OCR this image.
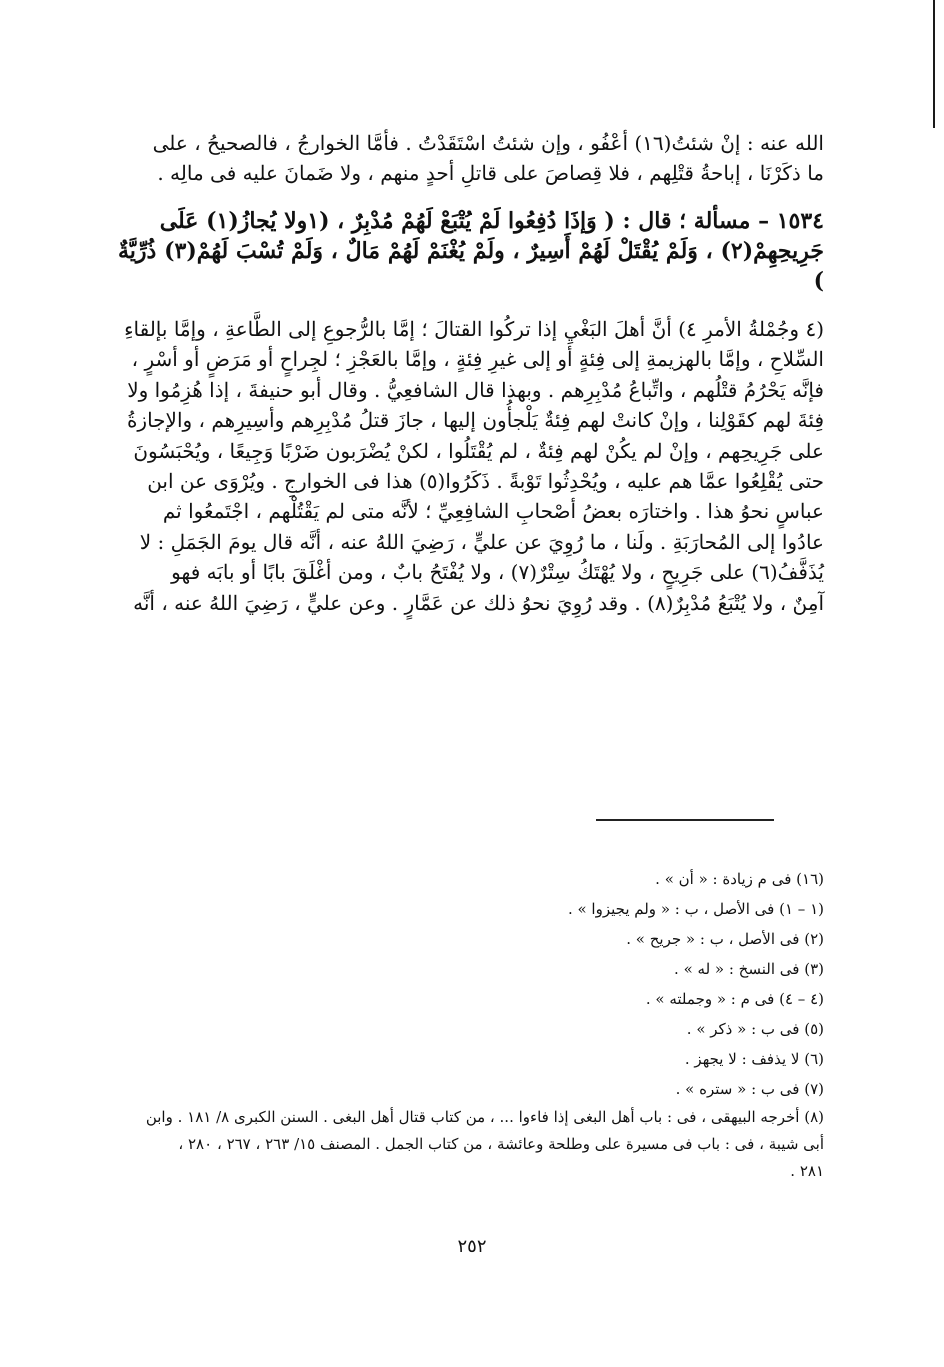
الله عنه : إنْ شئتُ(١٦) أعْفُو ، وإن شئتُ اسْتَقَدْتُ . فأمَّا الخوارجُ ، فالصحيحُ ، على
ما ذكَرْنَا ، إباحةُ قتْلِهم ، فلا قِصاصَ على قاتلِ أحدٍ منهم ، ولا ضَمانَ عليه فى مالِه .

١٥٣٤ – مسألة ؛ قال : ( وَإذَا دُفِعُوا لَمْ يُتْبَعْ لَهُمْ مُدْبِرٌ ، (١ولا يُجازُ(١) عَلَى
جَرِيحِهِمْ(٢) ، وَلَمْ يُقْتَلْ لَهُمْ أَسِيرٌ ، ولَمْ يُغْنَمْ لَهُمْ مَالٌ ، وَلَمْ تُسْبَ لَهُمْ(٣) ذُرِّيَّةٌ )

(٤ وجُمْلةُ الأمرِ ٤) أنَّ أهلَ البَغْيِ إذا تركُوا القتالَ ؛ إمَّا بالرُّجوعِ إلى الطَّاعةِ ، وإمَّا بإلقاءِ
السِّلاحِ ، وإمَّا بالهزيمةِ إلى فِئةٍ أو إلى غيرِ فِئةٍ ، وإمَّا بالعَجْزِ ؛ لجِراحٍ أو مَرَضٍ أو أسْرٍ ،
فإنَّه يَحْرُمُ قتْلُهم ، واتِّباعُ مُدْبِرِهم . وبهذا قال الشافعِيُّ . وقال أبو حنيفةَ ، إذا هُزِمُوا ولا
فِئةَ لهم كقَوْلِنا ، وإنْ كانتْ لهم فِئةٌ يَلْجأُون إليها ، جازَ قتلُ مُدْبِرِهم وأسِيرِهم ، والإجازةُ
على جَرِيحِهم ، وإنْ لم يكُنْ لهم فِئةٌ ، لم يُقْتَلُوا ، لكنْ يُضْرَبون ضَرْبًا وَجِيعًا ، ويُحْبَسُونَ
حتى يُقْلِعُوا عمَّا هم عليه ، ويُحْدِثُوا تَوْبةً . ذَكَرُوا(٥) هذا فى الخوارجِ . ويُرْوَى عن ابن
عباسٍ نحوُ هذا . واختارَه بعضُ أصْحابِ الشافِعِيِّ ؛ لأنَّه متى لم يَقْتُلْهم ، اجْتَمعُوا ثم
عادُوا إلى المُحارَبَةِ . ولَنا ، ما رُوِيَ عن عليٍّ ، رَضِيَ اللهُ عنه ، أنَّه قال يومَ الجَمَلِ : لا
يُذَفَّفُ(٦) على جَرِيحٍ ، ولا يُهْتَكُ سِتْرٌ(٧) ، ولا يُفْتَحُ بابٌ ، ومن أغْلَقَ بابًا أو بابَه فهو
آمِنٌ ، ولا يُتْبَعُ مُدْبِرٌ(٨) . وقد رُوِيَ نحوُ ذلك عن عَمَّارٍ . وعن عليٍّ ، رَضِيَ اللهُ عنه ، أنَّه

(١٦) فى م زيادة : « أن » .

(١ – ١) فى الأصل ، ب : « ولم يجيزوا » .

(٢) فى الأصل ، ب : « جريح » .

(٣) فى النسخ : « له » .

(٤ – ٤) فى م : « وجملته » .

(٥) فى ب : « ذكر » .

(٦) لا يذفف : لا يجهز .

(٧) فى ب : « ستره » .

(٨) أخرجه البيهقى ، فى : باب أهل البغى إذا فاءوا ... ، من كتاب قتال أهل البغى . السنن الكبرى ٨/ ١٨١ . وابن
أبى شيبة ، فى : باب فى مسيرة على وطلحة وعائشة ، من كتاب الجمل . المصنف ١٥/ ٢٦٣ ، ٢٦٧ ، ٢٨٠ ،
٢٨١ .

٢٥٢
